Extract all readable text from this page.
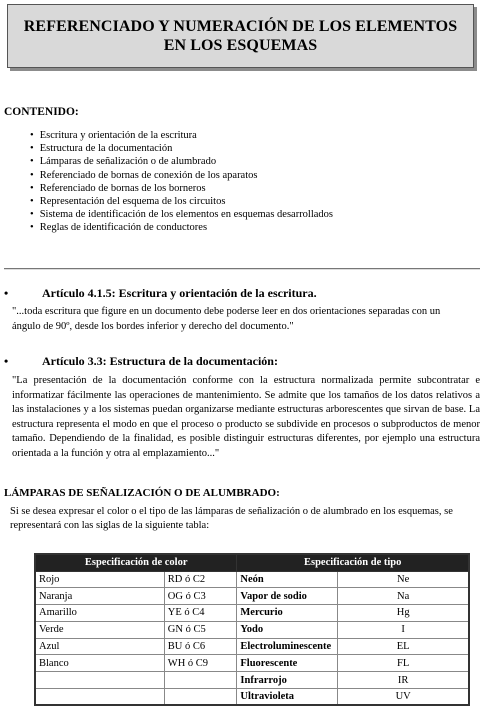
REFERENCIADO Y NUMERACIÓN DE LOS ELEMENTOS EN LOS ESQUEMAS
CONTENIDO:
• Escritura y orientación de la escritura
• Estructura de la documentación
• Lámparas de señalización o de alumbrado
• Referenciado de bornas de conexión de los aparatos
• Referenciado de bornas de los borneros
• Representación del esquema de los circuitos
• Sistema de identificación de los elementos en esquemas desarrollados
• Reglas de identificación de conductores
•	Artículo 4.1.5: Escritura y orientación de la escritura.
"...toda escritura que figure en un documento debe poderse leer en dos orientaciones separadas con un ángulo de 90º, desde los bordes inferior y derecho del documento."
•	Artículo 3.3: Estructura de la documentación:
"La presentación de la documentación conforme con la estructura normalizada permite subcontratar e informatizar fácilmente las operaciones de mantenimiento. Se admite que los tamaños de los datos relativos a las instalaciones y a los sistemas puedan organizarse mediante estructuras arborescentes que sirvan de base. La estructura representa el modo en que el proceso o producto se subdivide en procesos o subproductos de menor tamaño. Dependiendo de la finalidad, es posible distinguir estructuras diferentes, por ejemplo una estructura orientada a la función y otra al emplazamiento..."
LÁMPARAS DE SEÑALIZACIÓN O DE ALUMBRADO:
Si se desea expresar el color o el tipo de las lámparas de señalización o de alumbrado en los esquemas, se representará con las siglas de la siguiente tabla:
Especificación de color		Especificación de tipo	
Rojo	RD ó C2	Neón	Ne
Naranja	OG ó C3	Vapor de sodio	Na
Amarillo	YE ó C4	Mercurio	Hg
Verde	GN ó C5	Yodo	I
Azul	BU ó C6	Electroluminescente	EL
Blanco	WH ó C9	Fluorescente	FL
		Infrarrojo	IR
		Ultravioleta	UV
